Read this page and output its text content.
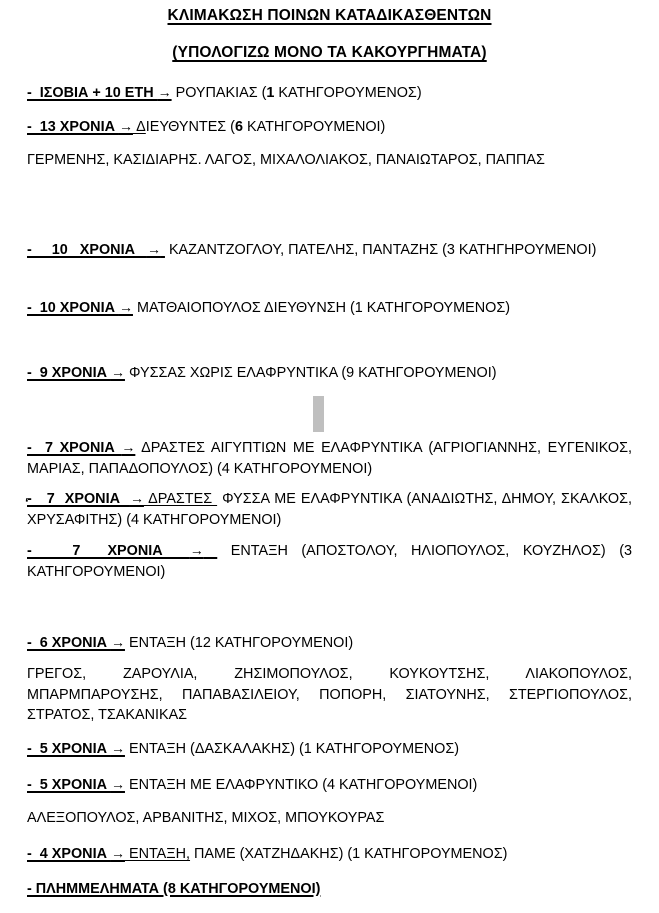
ΚΛΙΜΑΚΩΣΗ ΠΟΙΝΩΝ ΚΑΤΑΔΙΚΑΣΘΕΝΤΩΝ
(ΥΠΟΛΟΓΙΖΩ ΜΟΝΟ ΤΑ ΚΑΚΟΥΡΓΗΜΑΤΑ)
-  ΙΣΟΒΙΑ + 10 ΕΤΗ → ΡΟΥΠΑΚΙΑΣ (1 ΚΑΤΗΓΟΡΟΥΜΕΝΟΣ)
-  13 ΧΡΟΝΙΑ → ΔΙΕΥΘΥΝΤΕΣ (6 ΚΑΤΗΓΟΡΟΥΜΕΝΟΙ)
ΓΕΡΜΕΝΗΣ, ΚΑΣΙΔΙΑΡΗΣ. ΛΑΓΟΣ, ΜΙΧΑΛΟΛΙΑΚΟΣ, ΠΑΝΑΙΩΤΑΡΟΣ, ΠΑΠΠΑΣ
-     10   ΧΡΟΝΙΑ   →  ΚΑΖΑΝΤΖΟΓΛΟΥ, ΠΑΤΕΛΗΣ, ΠΑΝΤΑΖΗΣ (3 ΚΑΤΗΓΗΡΟΥΜΕΝΟΙ)
-  10 ΧΡΟΝΙΑ → ΜΑΤΘΑΙΟΠΟΥΛΟΣ ΔΙΕΥΘΥΝΣΗ (1 ΚΑΤΗΓΟΡΟΥΜΕΝΟΣ)
-  9 ΧΡΟΝΙΑ → ΦΥΣΣΑΣ ΧΩΡΙΣ ΕΛΑΦΡΥΝΤΙΚΑ (9 ΚΑΤΗΓΟΡΟΥΜΕΝΟΙ)
-  7 ΧΡΟΝΙΑ → ΔΡΑΣΤΕΣ ΑΙΓΥΠΤΙΩΝ ΜΕ ΕΛΑΦΡΥΝΤΙΚΑ (ΑΓΡΙΟΓΙΑΝΝΗΣ, ΕΥΓΕΝΙΚΟΣ, ΜΑΡΙΑΣ, ΠΑΠΑΔΟΠΟΥΛΟΣ) (4 ΚΑΤΗΓΟΡΟΥΜΕΝΟΙ)
-   7  ΧΡΟΝΙΑ  → ΔΡΑΣΤΕΣ  ΦΥΣΣΑ ΜΕ ΕΛΑΦΡΥΝΤΙΚΑ (ΑΝΑΔΙΩΤΗΣ, ΔΗΜΟΥ, ΣΚΑΛΚΟΣ, ΧΡΥΣΑΦΙΤΗΣ) (4 ΚΑΤΗΓΟΡΟΥΜΕΝΟΙ)
-   7  ΧΡΟΝΙΑ  →  ΕΝΤΑΞΗ (ΑΠΟΣΤΟΛΟΥ, ΗΛΙΟΠΟΥΛΟΣ, ΚΟΥΖΗΛΟΣ) (3 ΚΑΤΗΓΟΡΟΥΜΕΝΟΙ)
-  6 ΧΡΟΝΙΑ → ΕΝΤΑΞΗ (12 ΚΑΤΗΓΟΡΟΥΜΕΝΟΙ)
ΓΡΕΓΟΣ, ΖΑΡΟΥΛΙΑ, ΖΗΣΙΜΟΠΟΥΛΟΣ, ΚΟΥΚΟΥΤΣΗΣ, ΛΙΑΚΟΠΟΥΛΟΣ, ΜΠΑΡΜΠΑΡΟΥΣΗΣ, ΠΑΠΑΒΑΣΙΛΕΙΟΥ, ΠΟΠΟΡΗ, ΣΙΑΤΟΥΝΗΣ, ΣΤΕΡΓΙΟΠΟΥΛΟΣ, ΣΤΡΑΤΟΣ, ΤΣΑΚΑΝΙΚΑΣ
-  5 ΧΡΟΝΙΑ → ΕΝΤΑΞΗ (ΔΑΣΚΑΛΑΚΗΣ) (1 ΚΑΤΗΓΟΡΟΥΜΕΝΟΣ)
-  5 ΧΡΟΝΙΑ → ΕΝΤΑΞΗ ΜΕ ΕΛΑΦΡΥΝΤΙΚΟ (4 ΚΑΤΗΓΟΡΟΥΜΕΝΟΙ)
ΑΛΕΞΟΠΟΥΛΟΣ, ΑΡΒΑΝΙΤΗΣ, ΜΙΧΟΣ, ΜΠΟΥΚΟΥΡΑΣ
-  4 ΧΡΟΝΙΑ → ΕΝΤΑΞΗ, ΠΑΜΕ (ΧΑΤΖΗΔΑΚΗΣ) (1 ΚΑΤΗΓΟΡΟΥΜΕΝΟΣ)
- ΠΛΗΜΜΕΛΗΜΑΤΑ (8 ΚΑΤΗΓΟΡΟΥΜΕΝΟΙ)
